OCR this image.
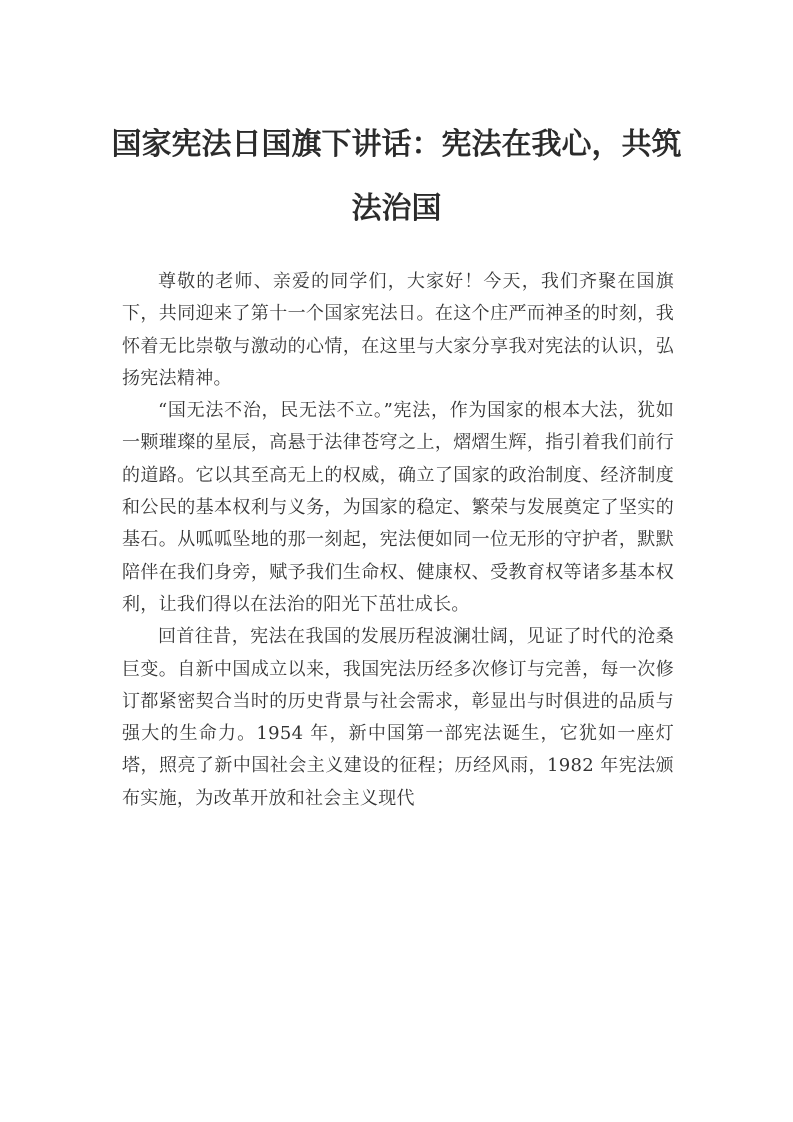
国家宪法日国旗下讲话：宪法在我心，共筑
法治国

尊敬的老师、亲爱的同学们，大家好！今天，我们齐聚在国旗下，共同迎来了第十一个国家宪法日。在这个庄严而神圣的时刻，我怀着无比崇敬与激动的心情，在这里与大家分享我对宪法的认识，弘扬宪法精神。

“国无法不治，民无法不立。”宪法，作为国家的根本大法，犹如一颗璀璨的星辰，高悬于法律苍穹之上，熠熠生辉，指引着我们前行的道路。它以其至高无上的权威，确立了国家的政治制度、经济制度和公民的基本权利与义务，为国家的稳定、繁荣与发展奠定了坚实的基石。从呱呱坠地的那一刻起，宪法便如同一位无形的守护者，默默陪伴在我们身旁，赋予我们生命权、健康权、受教育权等诸多基本权利，让我们得以在法治的阳光下茁壮成长。

回首往昔，宪法在我国的发展历程波澜壮阔，见证了时代的沧桑巨变。自新中国成立以来，我国宪法历经多次修订与完善，每一次修订都紧密契合当时的历史背景与社会需求，彰显出与时俱进的品质与强大的生命力。1954 年，新中国第一部宪法诞生，它犹如一座灯塔，照亮了新中国社会主义建设的征程；历经风雨，1982 年宪法颁布实施，为改革开放和社会主义现代
